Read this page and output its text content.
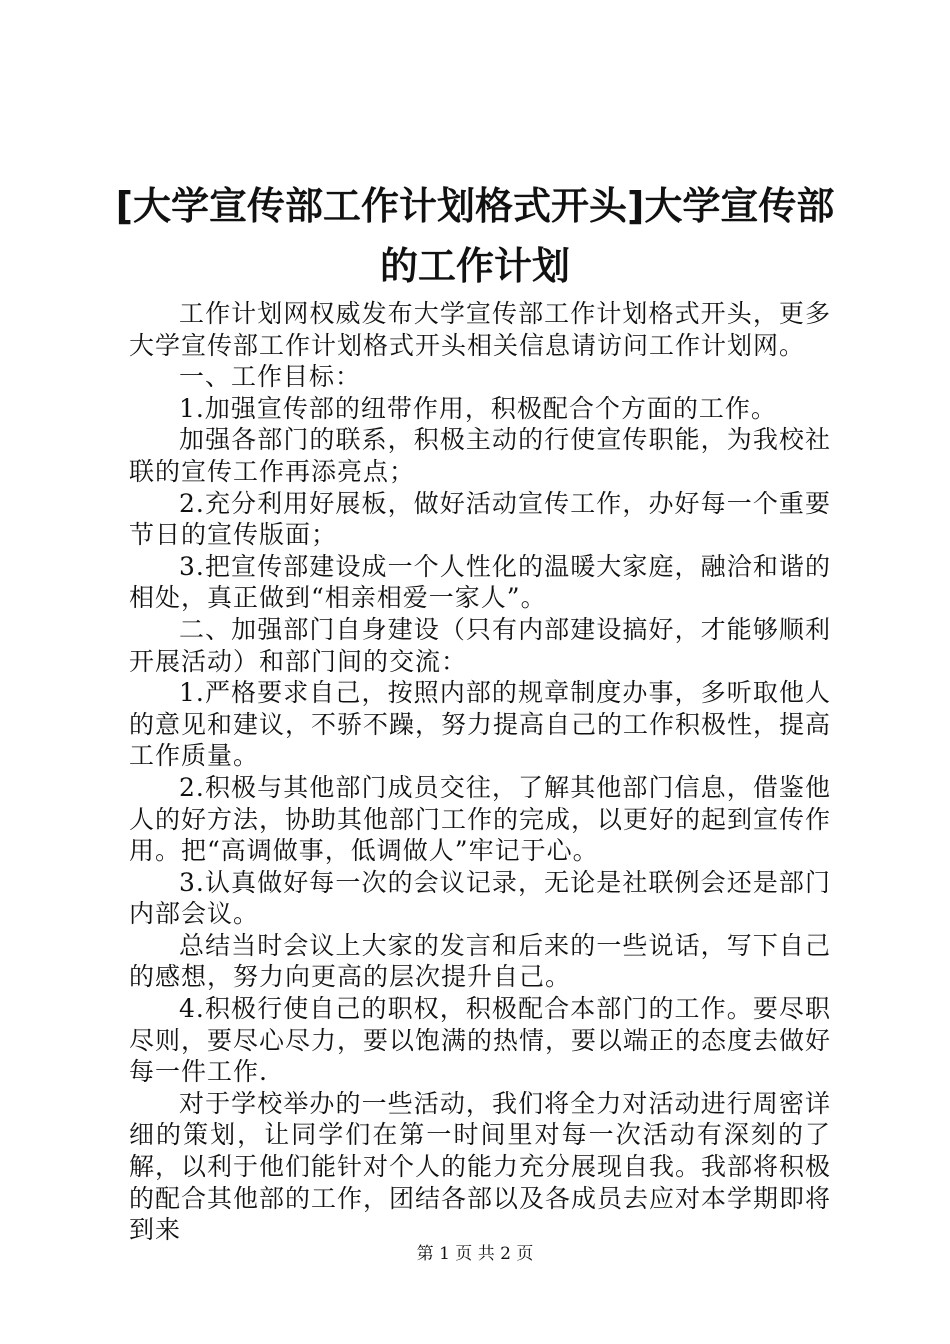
[大学宣传部工作计划格式开头]大学宣传部的工作计划

工作计划网权威发布大学宣传部工作计划格式开头，更多大学宣传部工作计划格式开头相关信息请访问工作计划网。

一、工作目标：

1.加强宣传部的纽带作用，积极配合个方面的工作。

加强各部门的联系，积极主动的行使宣传职能，为我校社联的宣传工作再添亮点；

2.充分利用好展板，做好活动宣传工作，办好每一个重要节日的宣传版面；

3.把宣传部建设成一个人性化的温暖大家庭，融洽和谐的相处，真正做到“相亲相爱一家人”。

二、加强部门自身建设（只有内部建设搞好，才能够顺利开展活动）和部门间的交流：

1.严格要求自己，按照内部的规章制度办事，多听取他人的意见和建议，不骄不躁，努力提高自己的工作积极性，提高工作质量。

2.积极与其他部门成员交往，了解其他部门信息，借鉴他人的好方法，协助其他部门工作的完成，以更好的起到宣传作用。把“高调做事，低调做人”牢记于心。

3.认真做好每一次的会议记录，无论是社联例会还是部门内部会议。

总结当时会议上大家的发言和后来的一些说话，写下自己的感想，努力向更高的层次提升自己。

4.积极行使自己的职权，积极配合本部门的工作。要尽职尽则，要尽心尽力，要以饱满的热情，要以端正的态度去做好每一件工作.

对于学校举办的一些活动，我们将全力对活动进行周密详细的策划，让同学们在第一时间里对每一次活动有深刻的了解，以利于他们能针对个人的能力充分展现自我。我部将积极的配合其他部的工作，团结各部以及各成员去应对本学期即将到来

第 1 页 共 2 页
